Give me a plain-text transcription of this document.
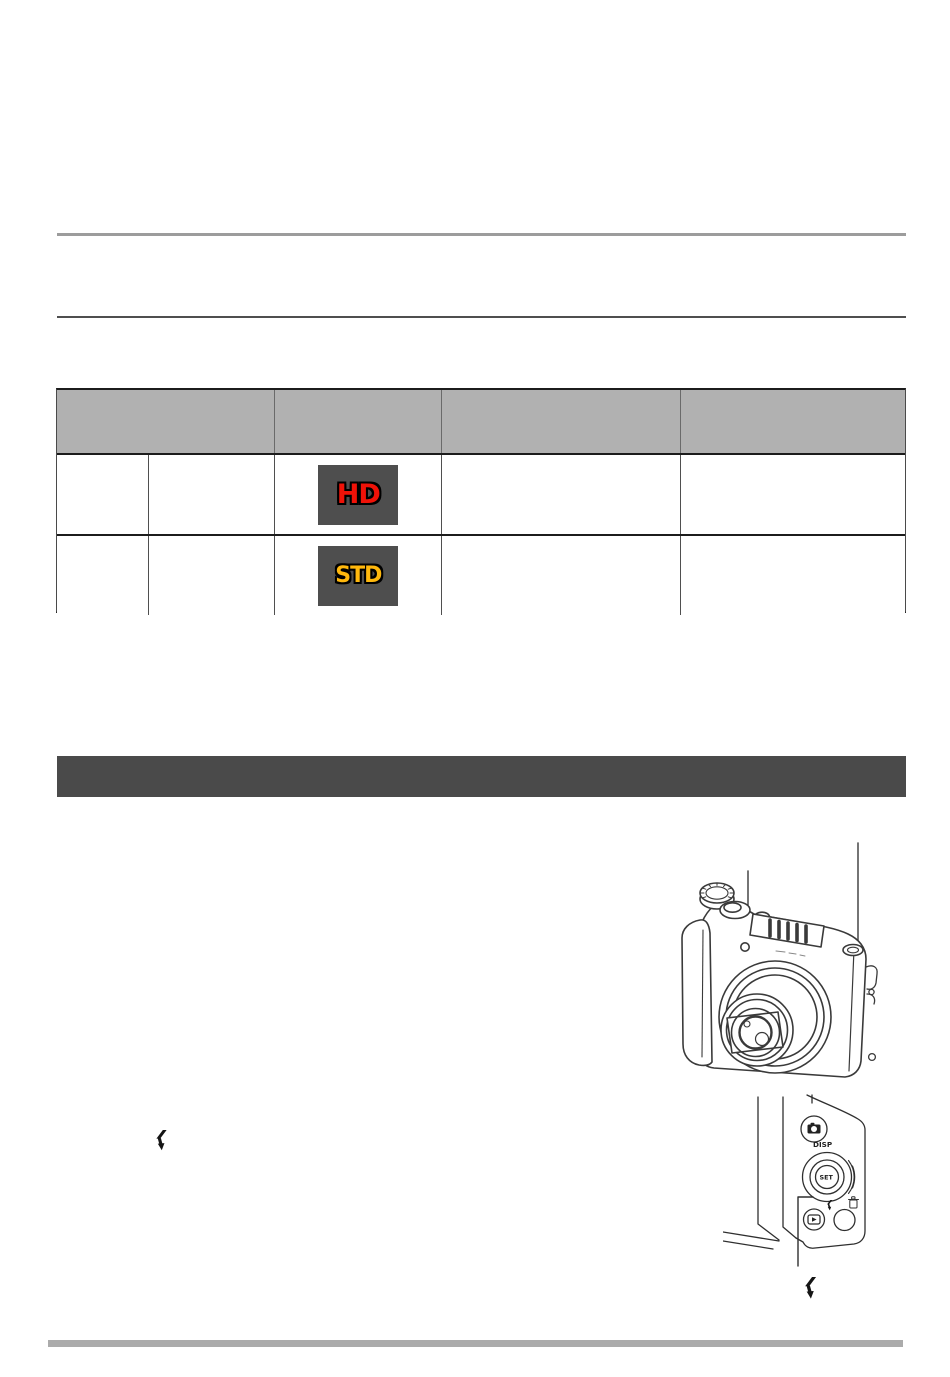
HD
STD
DISP
SET
